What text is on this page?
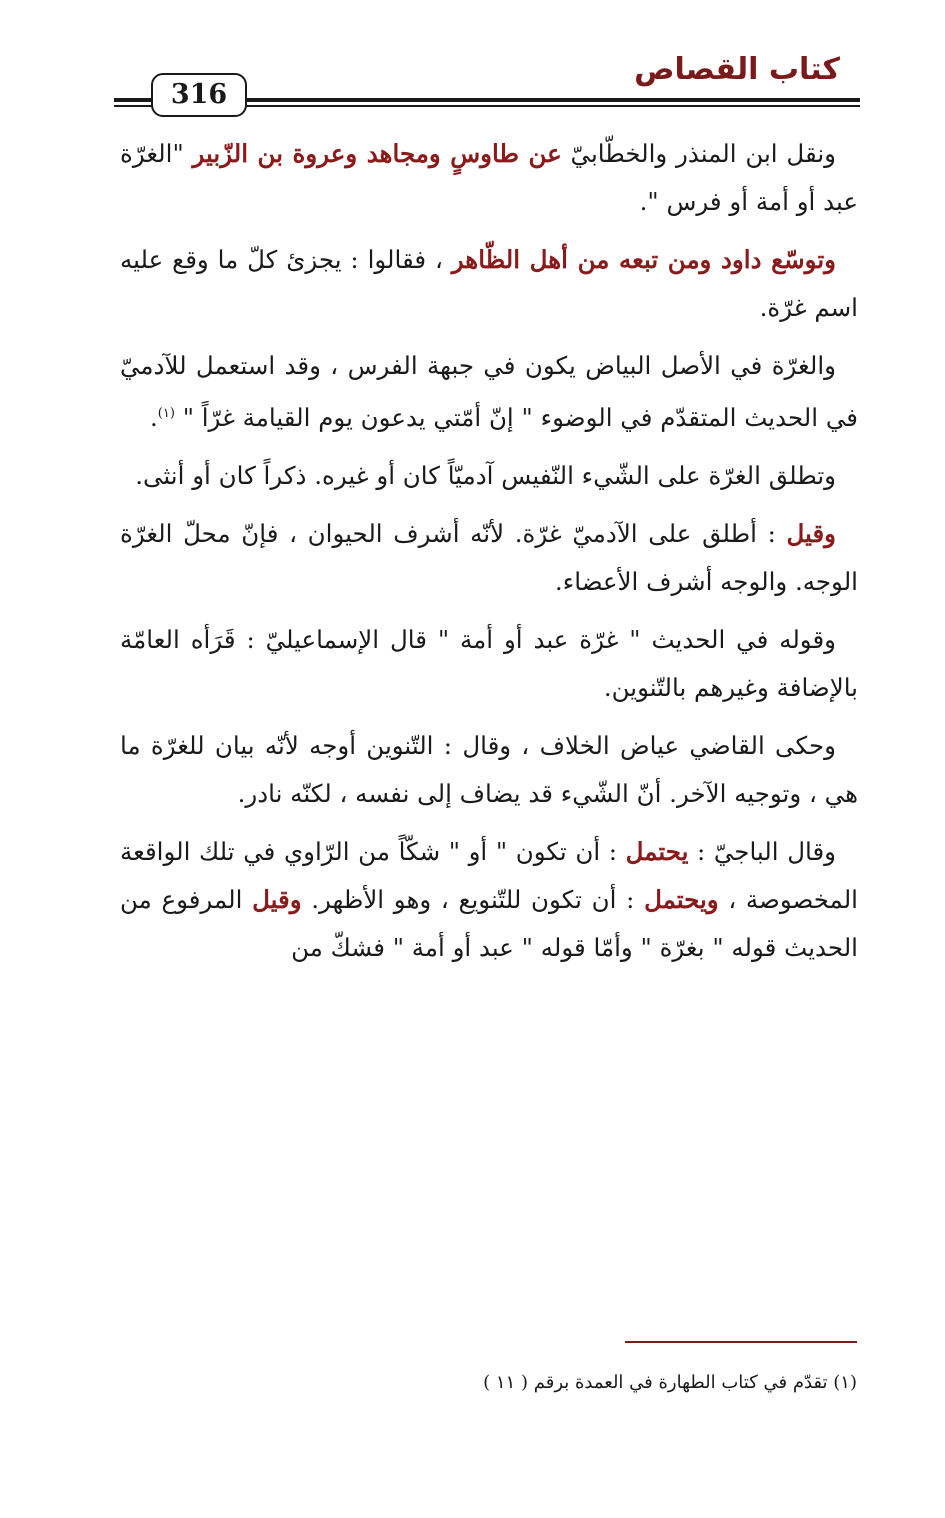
كتاب القصاص
316

ونقل ابن المنذر والخطّابيّ عن طاوسٍ ومجاهد وعروة بن الزّبير "الغرّة عبد أو أمة أو فرس ".

وتوسّع داود ومن تبعه من أهل الظّاهر ، فقالوا : يجزئ كلّ ما وقع عليه اسم غرّة.

والغرّة في الأصل البياض يكون في جبهة الفرس ، وقد استعمل للآدميّ في الحديث المتقدّم في الوضوء " إنّ أمّتي يدعون يوم القيامة غرّاً " $^{(١)}$.

وتطلق الغرّة على الشّيء النّفيس آدميّاً كان أو غيره. ذكراً كان أو أنثى.

وقيل : أطلق على الآدميّ غرّة. لأنّه أشرف الحيوان ، فإنّ محلّ الغرّة الوجه. والوجه أشرف الأعضاء.

وقوله في الحديث " غرّة عبد أو أمة " قال الإسماعيليّ : قَرَأه العامّة بالإضافة وغيرهم بالتّنوين.

وحكى القاضي عياض الخلاف ، وقال : التّنوين أوجه لأنّه بيان للغرّة ما هي ، وتوجيه الآخر. أنّ الشّيء قد يضاف إلى نفسه ، لكنّه نادر.

وقال الباجيّ : يحتمل : أن تكون " أو " شكّاً من الرّاوي في تلك الواقعة المخصوصة ، ويحتمل : أن تكون للتّنويع ، وهو الأظهر. وقيل المرفوع من الحديث قوله " بغرّة " وأمّا قوله " عبد أو أمة " فشكّ من

(١) تقدّم في كتاب الطهارة في العمدة برقم ( ١١ )
